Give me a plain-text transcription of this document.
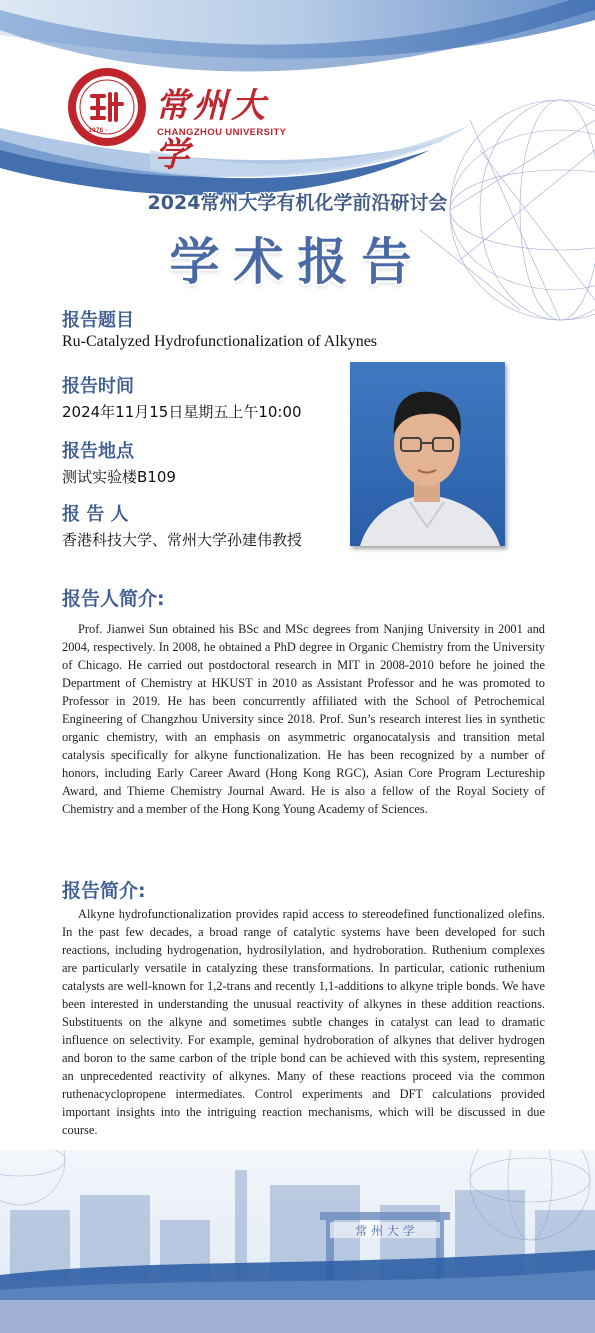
· 1978 ·
常州大学
CHANGZHOU UNIVERSITY
2024常州大学有机化学前沿研讨会
学术报告
报告题目
Ru-Catalyzed Hydrofunctionalization of Alkynes
报告时间
2024年11月15日星期五上午10:00
报告地点
测试实验楼B109
报 告 人
香港科技大学、常州大学孙建伟教授
报告人简介:

Prof. Jianwei Sun obtained his BSc and MSc degrees from Nanjing University in 2001 and 2004, respectively. In 2008, he obtained a PhD degree in Organic Chemistry from the University of Chicago. He carried out postdoctoral research in MIT in 2008-2010 before he joined the Department of Chemistry at HKUST in 2010 as Assistant Professor and he was promoted to Professor in 2019. He has been concurrently affiliated with the School of Petrochemical Engineering of Changzhou University since 2018. Prof. Sun’s research interest lies in synthetic organic chemistry, with an emphasis on asymmetric organocatalysis and transition metal catalysis specifically for alkyne functionalization. He has been recognized by a number of honors, including Early Career Award (Hong Kong RGC), Asian Core Program Lectureship Award, and Thieme Chemistry Journal Award. He is also a fellow of the Royal Society of Chemistry and a member of the Hong Kong Young Academy of Sciences.

报告简介:

Alkyne hydrofunctionalization provides rapid access to stereodefined functionalized olefins. In the past few decades, a broad range of catalytic systems have been developed for such reactions, including hydrogenation, hydrosilylation, and hydroboration. Ruthenium complexes are particularly versatile in catalyzing these transformations. In particular, cationic ruthenium catalysts are well-known for 1,2-trans and recently 1,1-additions to alkyne triple bonds. We have been interested in understanding the unusual reactivity of alkynes in these addition reactions. Substituents on the alkyne and sometimes subtle changes in catalyst can lead to dramatic influence on selectivity. For example, geminal hydroboration of alkynes that deliver hydrogen and boron to the same carbon of the triple bond can be achieved with this system, representing an unprecedented reactivity of alkynes. Many of these reactions proceed via the common ruthenacyclopropene intermediates. Control experiments and DFT calculations provided important insights into the intriguing reaction mechanisms, which will be discussed in due course.

常 州 大 学
